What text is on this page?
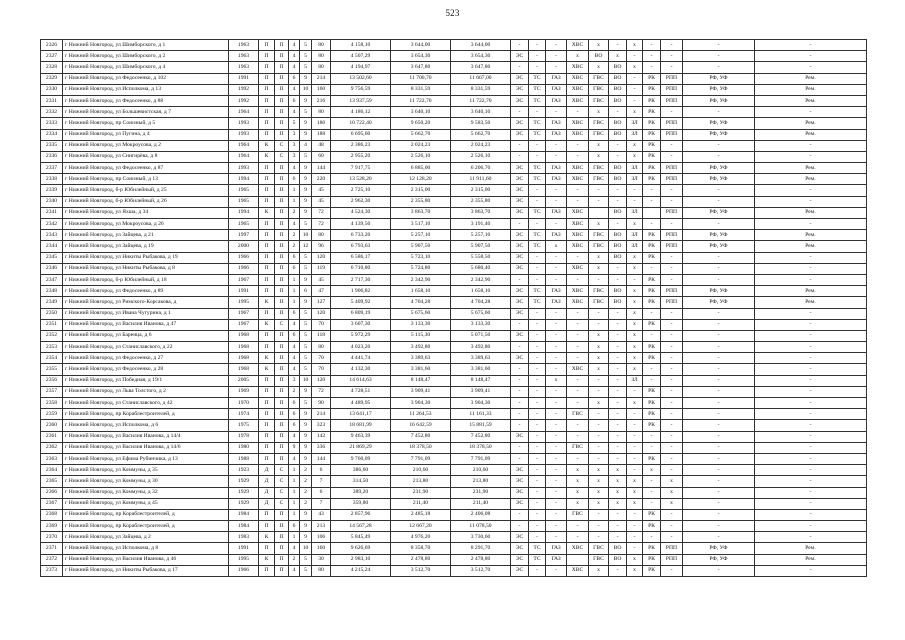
523
2326	г Нижний Новгород, ул Шимборского, д 1	1963	П	П	4	5	80	4 158,10	3 644,00	3 644,00	-	-	-	ХВС	х	-	х	-	-	-	-
2327	г Нижний Новгород, ул Шимборского, д 2	1963	П	П	4	5	80	4 507,29	3 654,30	3 654,30	ЭС	-	-	х	ВО	х	-	-	-	-	-
2328	г Нижний Новгород, ул Шимборского, д 4	1963	П	П	4	5	80	4 194,97	3 647,80	3 647,80	-	-	-	ХВС	х	ВО	х	-	-	-	-
2329	г Нижний Новгород, ул Федосеенко, д 102	1991	П	П	6	9	214	13 502,60	11 700,70	11 667,00	ЭС	ТС	ГАЗ	ХВС	ГВС	ВО	-	РК	РПП	РФ, УФ	Рем.
2330	г Нижний Новгород, ул Исполкома, д 13	1992	П	П	4	10	160	9 756,59	8 331,59	8 331,59	ЭС	ТС	ГАЗ	ХВС	ГВС	ВО	-	РК	РПП	РФ, УФ	Рем.
2331	г Нижний Новгород, ул Федосеенко, д 88	1992	П	П	6	9	216	13 937,59	11 722,70	11 722,70	ЭС	ТС	ГАЗ	ХВС	ГВС	ВО	-	РК	РПП	РФ, УФ	Рем.
2332	г Нижний Новгород, ул Большевистская, д 7	1964	П	П	4	5	80	4 186,12	3 640,10	3 640,10	-	-	-	-	х	-	х	РК	-	-	-
2333	г Нижний Новгород, пр Союзный, д 5	1993	П	П	5	9	180	10 722,40	9 650,20	9 583,50	ЭС	ТС	ГАЗ	ХВС	ГВС	ВО	ЗЛ	РК	РПП	РФ, УФ	Рем.
2334	г Нижний Новгород, ул Пугина, д 4	1993	П	П	3	9	188	6 695,60	5 662,70	5 662,70	ЭС	ТС	ГАЗ	ХВС	ГВС	ВО	ЗЛ	РК	РПП	РФ, УФ	Рем.
2335	г Нижний Новгород, ул Мокроусова, д 2	1964	К	С	3	4	48	2 386,23	2 024,23	2 024,23	-	-	-	-	х	-	х	РК	-	-	-
2336	г Нижний Новгород, ул Снигирёва, д 8	1964	К	С	3	5	60	2 955,20	2 526,10	2 526,10	-	-	-	-	х	-	х	РК	-	-	-
2337	г Нижний Новгород, ул Федосеенко, д 87	1993	П	П	4	9	144	7 917,75	6 885,00	6 206,70	ЭС	ТС	ГАЗ	ХВС	ГВС	ВО	ЗЛ	РК	РПП	РФ, УФ	Рем.
2338	г Нижний Новгород, пр Союзный, д 13	1994	П	П	6	9	220	13 528,20	12 128,20	11 911,60	ЭС	ТС	ГАЗ	ХВС	ГВС	ВО	ЗЛ	РК	РПП	РФ, УФ	Рем.
2339	г Нижний Новгород, б-р Юбилейный, д 25	1965	П	П	1	9	45	2 725,10	2 315,00	2 315,00	ЭС	-	-	-	-	-	-	-	-	-	-
2340	г Нижний Новгород, б-р Юбилейный, д 26	1965	П	П	1	9	45	2 962,30	2 355,80	2 355,80	ЭС	-	-	-	-	-	-	-	-	-	-
2341	г Нижний Новгород, ул Яхша, д 34	1994	К	П	2	9	72	4 524,30	3 863,70	3 863,70	ЭС	ТС	ГАЗ	ХВС		ВО	ЗЛ		РПП	РФ, УФ	Рем.
2342	г Нижний Новгород, ул Мокроусова, д 26	1965	П	П	4	5	72	4 139,50	3 517,10	3 191,40	-	-	-	ХВС	х	-	х	-	-	-	-
2343	г Нижний Новгород, ул Зайцева, д 21	1997	П	П	2	10	80	6 733,20	5 257,10	5 257,10	ЭС	ТС	ГАЗ	ХВС	ГВС	ВО	ЗЛ	РК	РПП	РФ, УФ	Рем.
2344	г Нижний Новгород, ул Зайцева, д 19	2000	П	П	2	12	96	6 793,63	5 907,50	5 907,50	ЭС	ТС	х	ХВС	ГВС	ВО	ЗЛ	РК	РПП	РФ, УФ	Рем.
2345	г Нижний Новгород, ул Никиты Рыбакова, д 19	1966	П	П	6	5	120	6 586,17	5 723,10	5 558,50	ЭС	-	-	-	х	ВО	х	РК	-	-	-
2346	г Нижний Новгород, ул Никиты Рыбакова, д 8	1966	П	П	6	5	119	6 710,80	5 724,80	5 680,40	ЭС	-	-	ХВС	х	-	х	-	-	-	-
2347	г Нижний Новгород, б-р Юбилейный, д 18	1967	П	П	1	9	45	2 717,30	2 342,90	2 342,90	-	-	-	-	-	-	-	РК	-	-	-
2348	г Нижний Новгород, ул Федосеенко, д 89	1991	П	П	1	6	47	1 906,82	1 658,10	1 658,10	ЭС	ТС	ГАЗ	ХВС	ГВС	ВО	х	РК	РПП	РФ, УФ	Рем.
2349	г Нижний Новгород, ул Римского-Корсакова, д	1995	К	П	1	9	127	5 409,92	4 704,28	4 704,28	ЭС	ТС	ГАЗ	ХВС	ГВС	ВО	х	РК	РПП	РФ, УФ	Рем.
2350	г Нижний Новгород, ул Ивана Чугурина, д 1	1967	П	П	6	5	120	6 809,19	5 675,60	5 675,60	ЭС	-	-	-	-	-	х	-	-	-	-
2351	г Нижний Новгород, ул Василия Иванова, д 47	1967	К	С	4	5	70	3 607,30	3 133,30	3 133,30	-	-	-	-	-	-	х	РК	-	-	-
2352	г Нижний Новгород, ул Баренца, д 6	1968	П	П	6	5	118	5 972,29	5 115,30	5 071,50	ЭС	-	-	-	х	-	х	-	-	-	-
2353	г Нижний Новгород, ул Станиславского, д 22	1968	П	П	4	5	80	4 023,20	3 492,80	3 492,80	-	-	-	-	х	-	х	РК	-	-	-
2354	г Нижний Новгород, ул Федосеенко, д 27	1968	К	П	4	5	70	4 441,74	3 389,63	3 389,63	ЭС	-	-	-	х	-	х	РК	-	-	-
2355	г Нижний Новгород, ул Федосеенко, д 28	1968	К	П	4	5	70	4 132,30	3 381,60	3 381,60	-	-	-	ХВС	х	-	х	-	-	-	-
2356	г Нижний Новгород, ул Победная, д 19/1	2005	П	П	3	10	120	14 614,63	8 148,47	8 148,47	-	-	х	-	-	-	ЗЛ	-	-	-	-
2357	г Нижний Новгород, ул Льва Толстого, д 2	1969	П	П	2	9	72	4 728,51	3 909,41	3 909,41	-	-	-	-	-	-	-	РК	-	-	-
2358	г Нижний Новгород, ул Станиславского, д 42	1970	П	П	6	5	90	4 489,95	3 904,30	3 904,30	-	-	-	-	х	-	х	РК	-	-	-
2359	г Нижний Новгород, пр Кораблестроителей, д	1974	П	П	6	9	214	13 641,17	11 264,53	11 161,33	-	-	-	ГВС	-	-	-	РК	-	-	-
2360	г Нижний Новгород, ул Исполкома, д 6	1975	П	П	6	9	323	18 681,99	16 642,59	15 881,59	-	-	-	-	-	-	-	РК	-	-	-
2361	г Нижний Новгород, ул Василия Иванова, д 14/4	1978	П	П	4	9	142	9 463,39	7 452,80	7 452,80	ЭС	-	-	-	-	-	-	-	-	-	-
2362	г Нижний Новгород, ул Василия Иванова, д 14/6	1980	П	П	9	9	336	21 869,29	18 378,50	18 378,50	-	-	-	ГВС	-	-	-	-	-	-	-
2363	г Нижний Новгород, ул Ефима Рубинчика, д 13	1988	П	П	4	9	144	9 760,09	7 791,09	7 791,09	-	-	-	-	-	-	-	РК	-	-	-
2364	г Нижний Новгород, ул Коммуны, д 35	1923	Д	С	1	2	6	386,60	210,60	210,60	ЭС	-	-	х	х	х	-	х	-	-	-
2365	г Нижний Новгород, ул Коммуны, д 30	1929	Д	С	1	2	7	314,50	213,80	213,80	ЭС	-	-	х	х	х	х	-	х	-	-
2366	г Нижний Новгород, ул Коммуны, д 32	1929	Д	С	1	2	6	389,20	231,90	231,90	ЭС	-	-	х	х	х	х	-	х	-	-
2367	г Нижний Новгород, ул Коммуны, д 45	1929	Д	С	1	2	7	359,80	211,40	211,40	ЭС	-	-	х	х	х	х	-	х	-	-
2368	г Нижний Новгород, пр Кораблестроителей, д	1984	П	П	1	9	43	2 857,96	2 485,18	2 406,08	-	-	-	ГВС	-	-	-	РК	-	-	-
2369	г Нижний Новгород, пр Кораблестроителей, д	1984	П	П	6	9	213	14 567,28	12 667,20	11 078,50	-	-	-	-	-	-	-	РК	-	-	-
2370	г Нижний Новгород, ул Зайцева, д 2	1983	К	П	1	9	106	5 845,49	4 976,20	3 730,60	ЭС	-	-	-	-	-	-	-	-	-	-
2371	г Нижний Новгород, ул Исполкома, д 8	1991	П	П	4	10	160	9 626,69	8 358,70	8 291,70	ЭС	ТС	ГАЗ	ХВС	ГВС	ВО	-	РК	РПП	РФ, УФ	Рем.
2372	г Нижний Новгород, ул Василия Иванова, д 46	1995	К	П	2	5	30	2 983,10	2 478,80	2 478,80	ЭС	ТС	ГАЗ		ГВС	ВО	х	РК	РПП	РФ, УФ	Рем.
2373	г Нижний Новгород, ул Никиты Рыбакова, д 17	1966	П	П	4	5	80	4 215,24	3 512,70	3 512,70	ЭС	-	-	ХВС	х	-	х	РК	-	-	-
